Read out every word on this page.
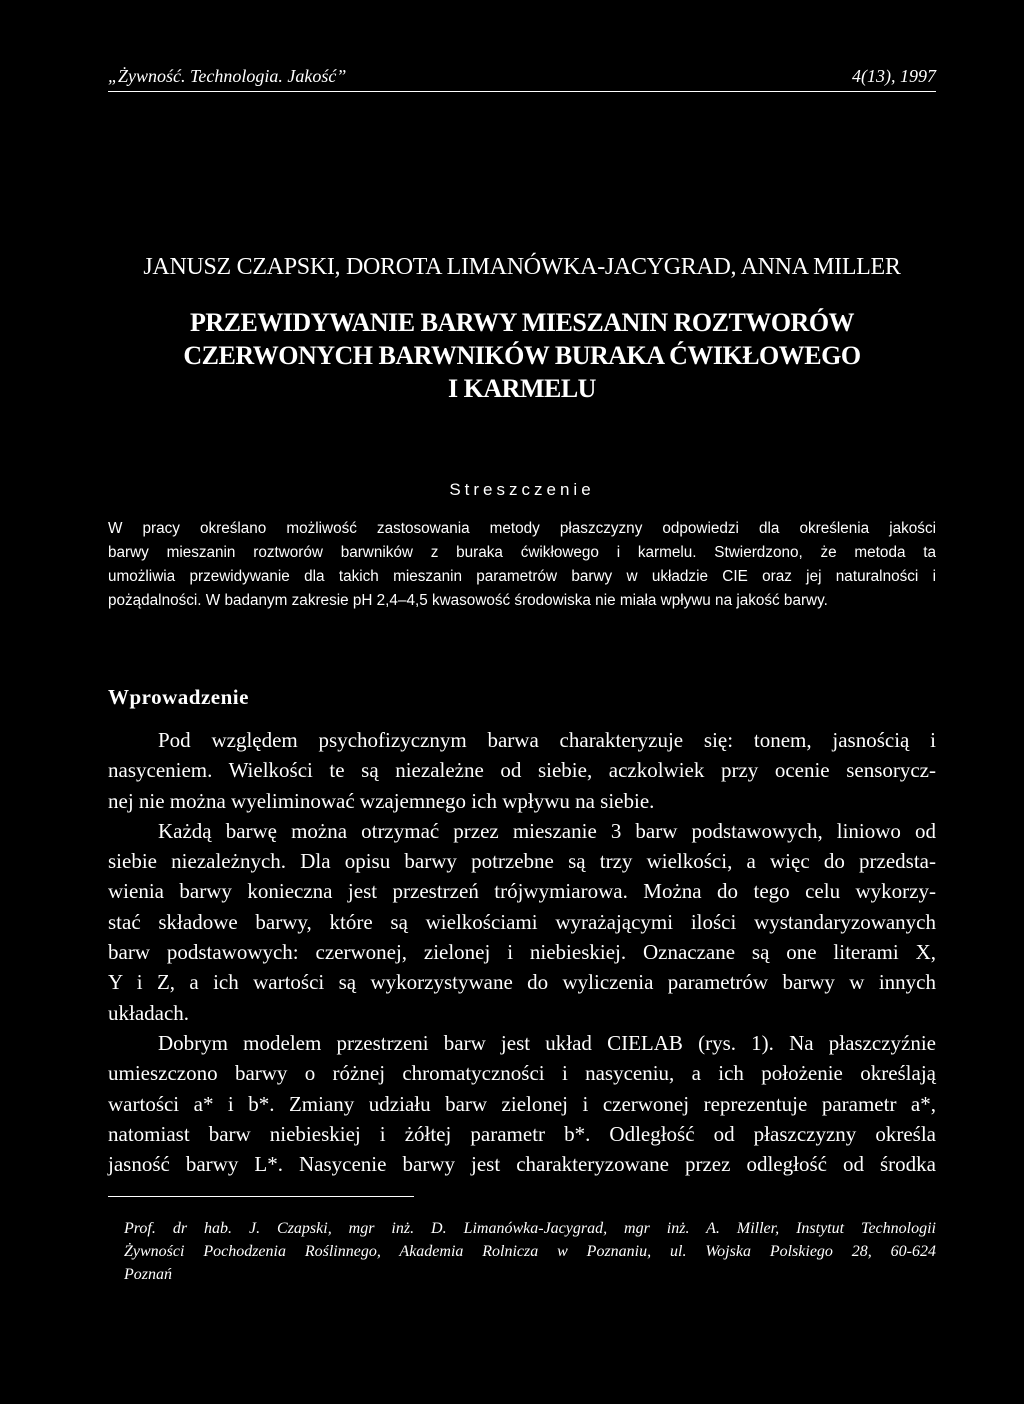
„Żywność. Technologia. Jakość”	4(13), 1997
JANUSZ CZAPSKI, DOROTA LIMANÓWKA-JACYGRAD, ANNA MILLER
PRZEWIDYWANIE BARWY MIESZANIN ROZTWORÓW
CZERWONYCH BARWNIKÓW BURAKA ĆWIKŁOWEGO
I KARMELU
Streszczenie
W pracy określano możliwość zastosowania metody płaszczyzny odpowiedzi dla określenia jakości
barwy mieszanin roztworów barwników z buraka ćwikłowego i karmelu. Stwierdzono, że metoda ta
umożliwia przewidywanie dla takich mieszanin parametrów barwy w układzie CIE oraz jej naturalności i
pożądalności. W badanym zakresie pH 2,4–4,5 kwasowość środowiska nie miała wpływu na jakość barwy.
Wprowadzenie
Pod względem psychofizycznym barwa charakteryzuje się: tonem, jasnością i
nasyceniem. Wielkości te są niezależne od siebie, aczkolwiek przy ocenie sensorycz-
nej nie można wyeliminować wzajemnego ich wpływu na siebie.
Każdą barwę można otrzymać przez mieszanie 3 barw podstawowych, liniowo od
siebie niezależnych. Dla opisu barwy potrzebne są trzy wielkości, a więc do przedsta-
wienia barwy konieczna jest przestrzeń trójwymiarowa. Można do tego celu wykorzy-
stać składowe barwy, które są wielkościami wyrażającymi ilości wystandaryzowanych
barw podstawowych: czerwonej, zielonej i niebieskiej. Oznaczane są one literami X,
Y i Z, a ich wartości są wykorzystywane do wyliczenia parametrów barwy w innych
układach.
Dobrym modelem przestrzeni barw jest układ CIELAB (rys. 1). Na płaszczyźnie
umieszczono barwy o różnej chromatyczności i nasyceniu, a ich położenie określają
wartości a* i b*. Zmiany udziału barw zielonej i czerwonej reprezentuje parametr a*,
natomiast barw niebieskiej i żółtej parametr b*. Odległość od płaszczyzny określa
jasność barwy L*. Nasycenie barwy jest charakteryzowane przez odległość od środka
Prof. dr hab. J. Czapski, mgr inż. D. Limanówka-Jacygrad, mgr inż. A. Miller, Instytut Technologii
Żywności Pochodzenia Roślinnego, Akademia Rolnicza w Poznaniu, ul. Wojska Polskiego 28, 60-624
Poznań
